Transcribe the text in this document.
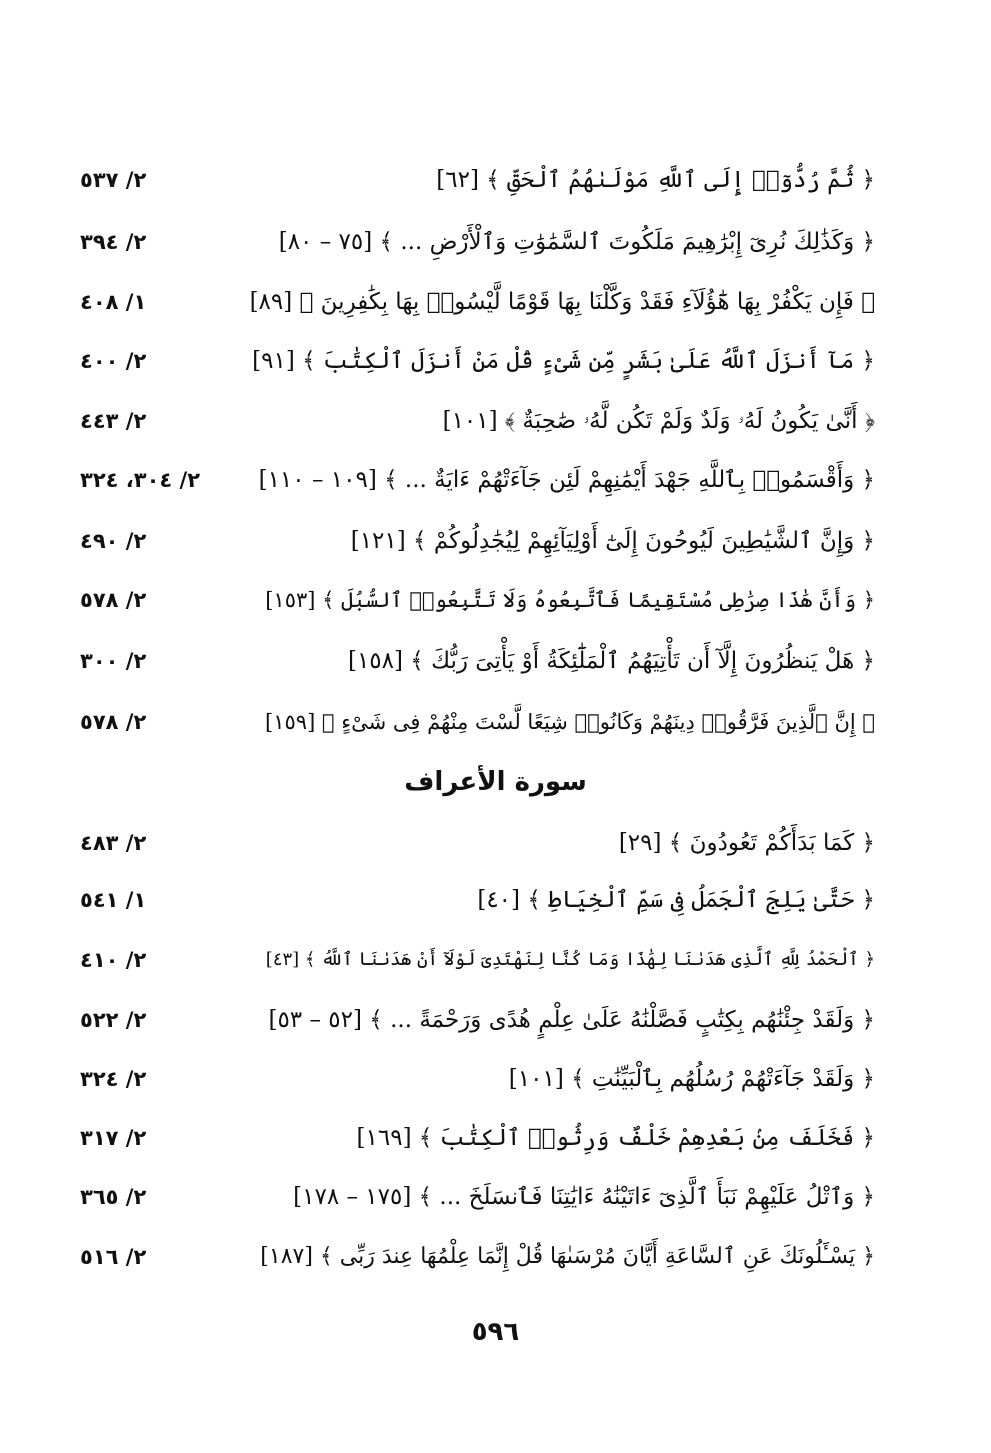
﴿ ثُمَّ رُدُّوٓا۟ إِلَى ٱللَّهِ مَوْلَىٰهُمُ ٱلْحَقِّ ﴾ [٦٢]
٢/ ٥٣٧
﴿ وَكَذَٰلِكَ نُرِىٓ إِبْرَٰهِيمَ مَلَكُوتَ ٱلسَّمَٰوَٰتِ وَٱلْأَرْضِ ... ﴾ [٧٥ – ٨٠]
٢/ ٣٩٤
﴿ فَإِن يَكْفُرْ بِهَا هَٰٓؤُلَآءِ فَقَدْ وَكَّلْنَا بِهَا قَوْمًا لَّيْسُوا۟ بِهَا بِكَٰفِرِينَ ﴾ [٨٩]
١/ ٤٠٨
﴿ مَآ أَنزَلَ ٱللَّهُ عَلَىٰ بَشَرٍ مِّن شَىْءٍ قُلْ مَنْ أَنزَلَ ٱلْكِتَٰبَ ﴾ [٩١]
٢/ ٤٠٠
﴿ أَنَّىٰ يَكُونُ لَهُۥ وَلَدٌ وَلَمْ تَكُن لَّهُۥ صَٰحِبَةٌ ﴾ [١٠١]
٢/ ٤٤٣
﴿ وَأَقْسَمُوا۟ بِٱللَّهِ جَهْدَ أَيْمَٰنِهِمْ لَئِن جَآءَتْهُمْ ءَايَةٌ ... ﴾ [١٠٩ – ١١٠]
٢/ ٣٠٤، ٣٢٤
﴿ وَإِنَّ ٱلشَّيَٰطِينَ لَيُوحُونَ إِلَىٰٓ أَوْلِيَآئِهِمْ لِيُجَٰدِلُوكُمْ ﴾ [١٢١]
٢/ ٤٩٠
﴿ وَأَنَّ هَٰذَا صِرَٰطِى مُسْتَقِيمًا فَٱتَّبِعُوهُ وَلَا تَتَّبِعُوا۟ ٱلسُّبُلَ ﴾ [١٥٣]
٢/ ٥٧٨
﴿ هَلْ يَنظُرُونَ إِلَّآ أَن تَأْتِيَهُمُ ٱلْمَلَٰٓئِكَةُ أَوْ يَأْتِىَ رَبُّكَ ﴾ [١٥٨]
٢/ ٣٠٠
﴿ إِنَّ ٱلَّذِينَ فَرَّقُوا۟ دِينَهُمْ وَكَانُوا۟ شِيَعًا لَّسْتَ مِنْهُمْ فِى شَىْءٍ ﴾ [١٥٩]
٢/ ٥٧٨
سورة الأعراف
﴿ كَمَا بَدَأَكُمْ تَعُودُونَ ﴾ [٢٩]
٢/ ٤٨٣
﴿ حَتَّىٰ يَلِجَ ٱلْجَمَلُ فِى سَمِّ ٱلْخِيَاطِ ﴾ [٤٠]
١/ ٥٤١
﴿ ٱلْحَمْدُ لِلَّهِ ٱلَّذِى هَدَىٰنَا لِهَٰذَا وَمَا كُنَّا لِنَهْتَدِىَ لَوْلَآ أَنْ هَدَىٰنَا ٱللَّهُ ﴾ [٤٣]
٢/ ٤١٠
﴿ وَلَقَدْ جِئْنَٰهُم بِكِتَٰبٍ فَصَّلْنَٰهُ عَلَىٰ عِلْمٍ هُدًى وَرَحْمَةً ... ﴾ [٥٢ – ٥٣]
٢/ ٥٢٢
﴿ وَلَقَدْ جَآءَتْهُمْ رُسُلُهُم بِٱلْبَيِّنَٰتِ ﴾ [١٠١]
٢/ ٣٢٤
﴿ فَخَلَفَ مِنۢ بَعْدِهِمْ خَلْفٌ وَرِثُوا۟ ٱلْكِتَٰبَ ﴾ [١٦٩]
٢/ ٣١٧
﴿ وَٱتْلُ عَلَيْهِمْ نَبَأَ ٱلَّذِىٓ ءَاتَيْنَٰهُ ءَايَٰتِنَا فَٱنسَلَخَ ... ﴾ [١٧٥ – ١٧٨]
٢/ ٣٦٥
﴿ يَسْـَٔلُونَكَ عَنِ ٱلسَّاعَةِ أَيَّانَ مُرْسَىٰهَا قُلْ إِنَّمَا عِلْمُهَا عِندَ رَبِّى ﴾ [١٨٧]
٢/ ٥١٦
٥٩٦
